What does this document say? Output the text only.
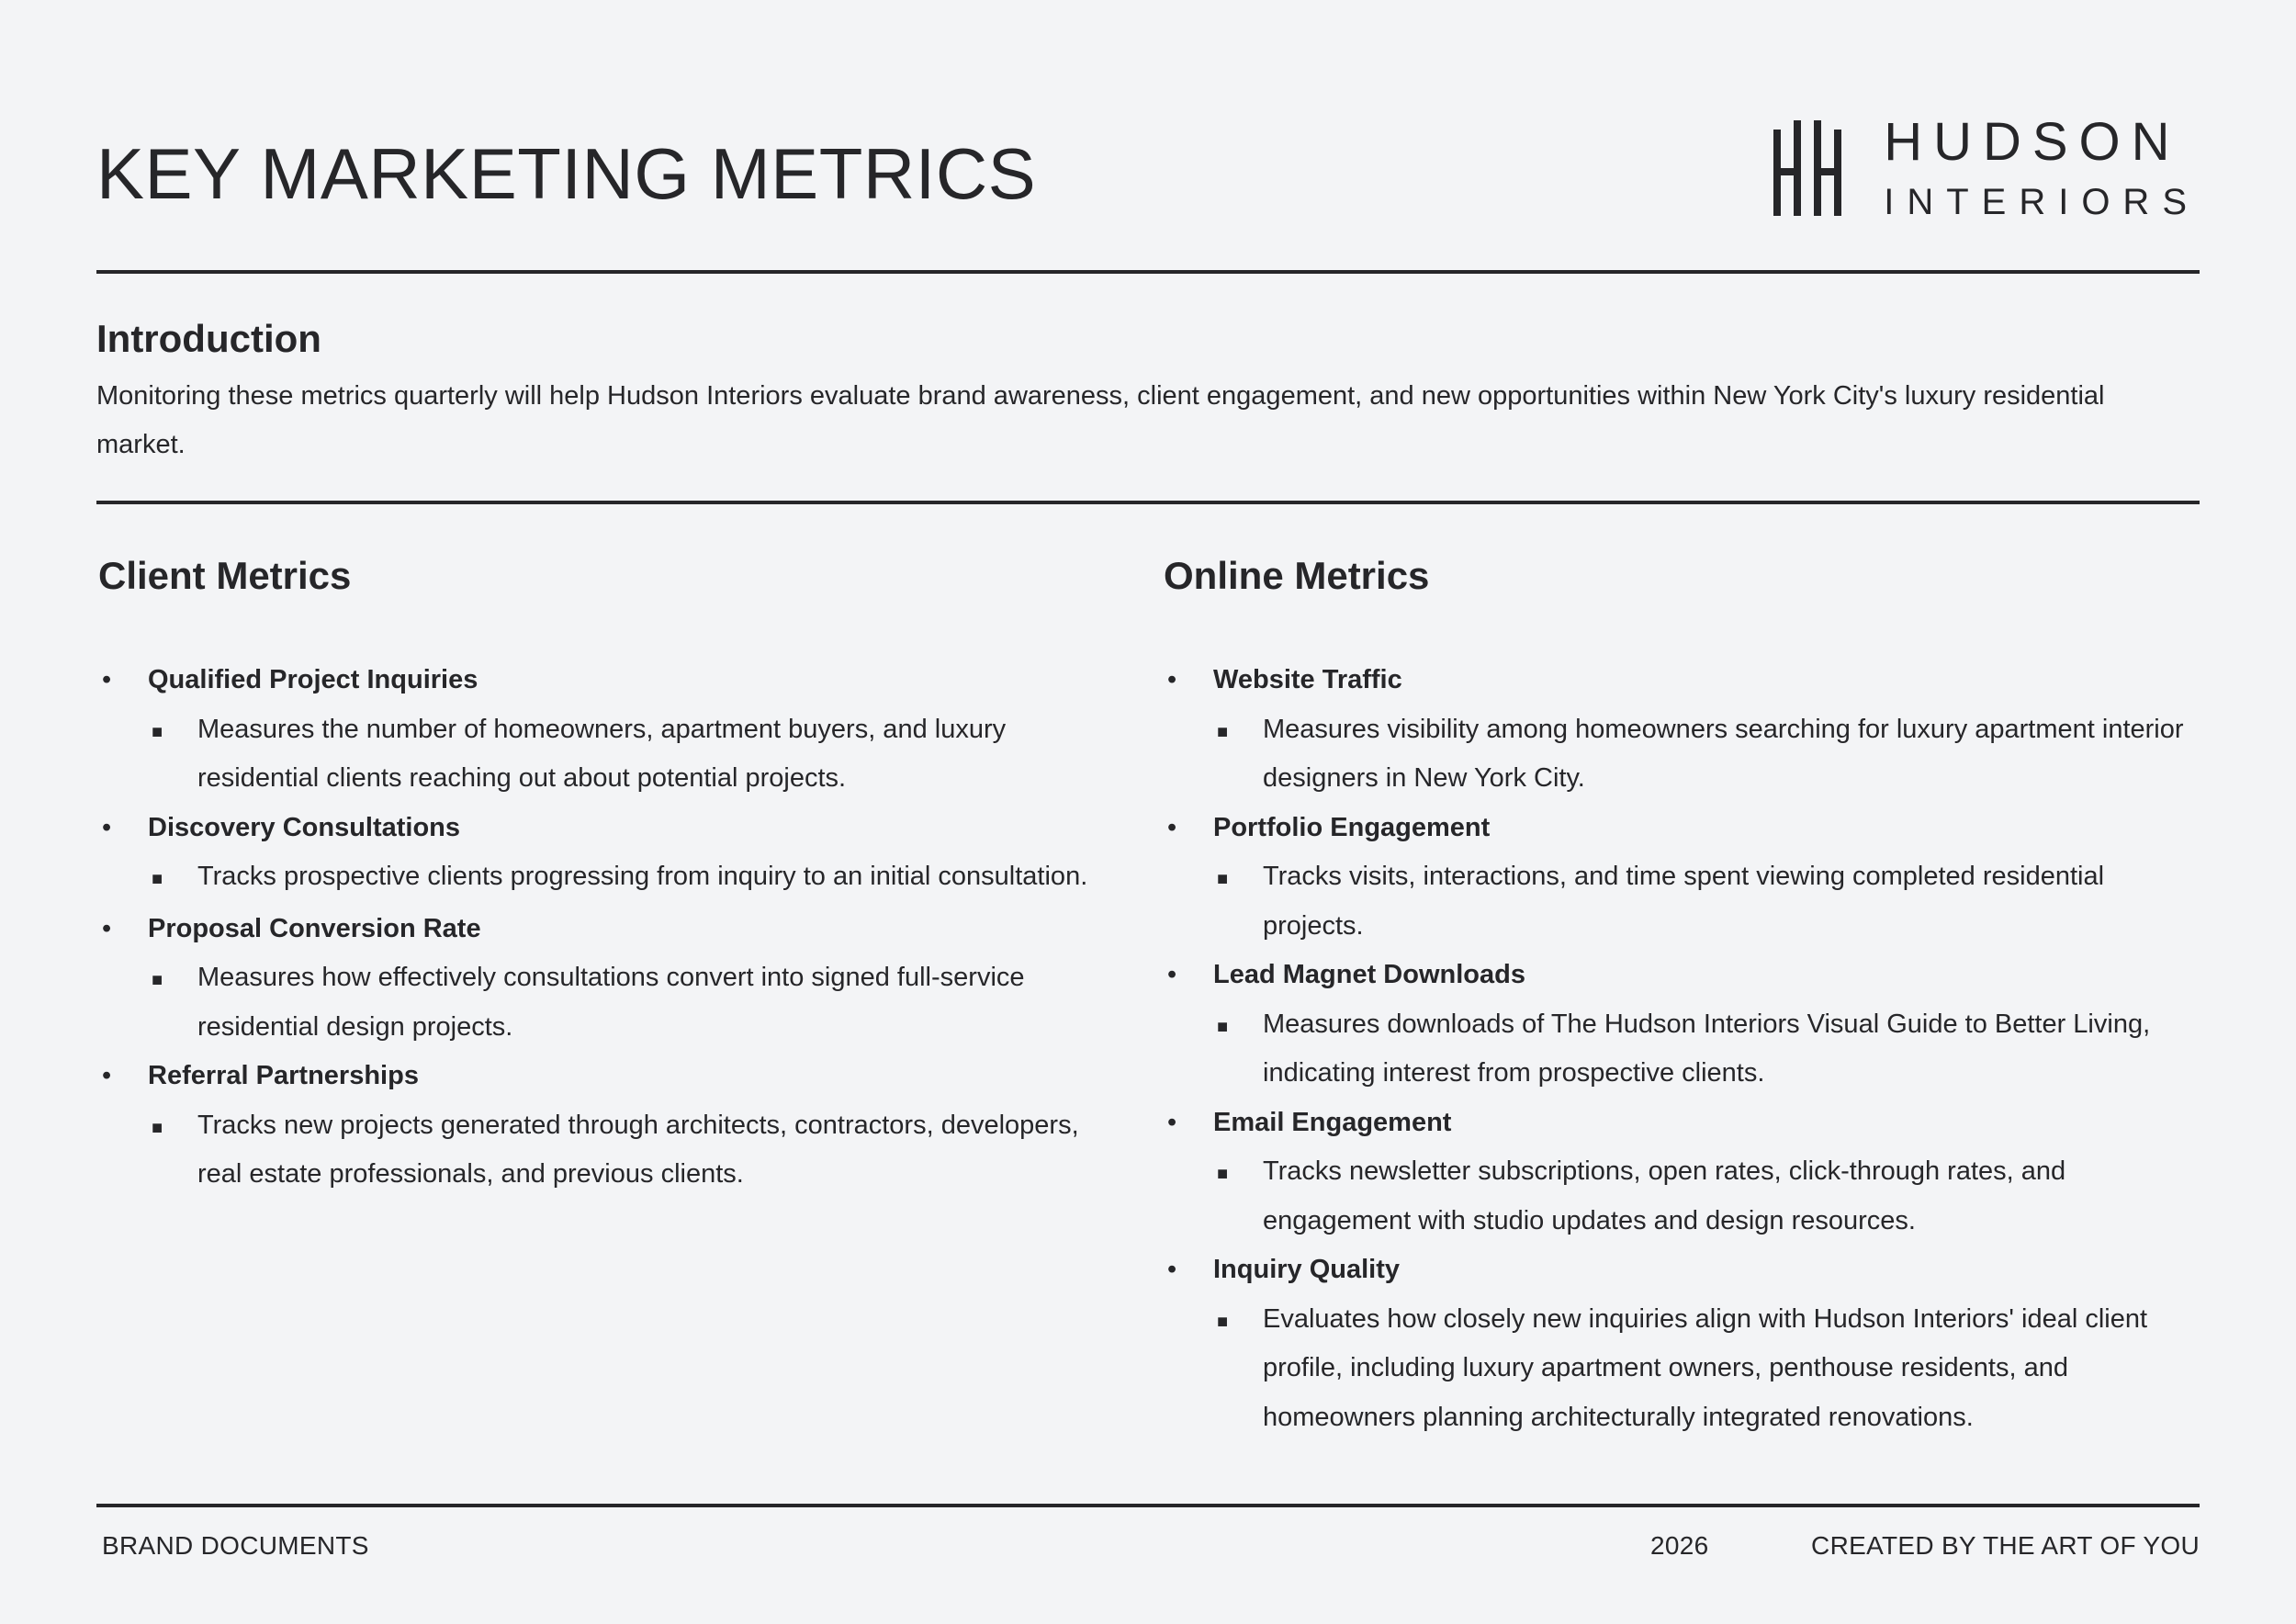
KEY MARKETING METRICS	HUDSON
INTERIORS
Introduction

Monitoring these metrics quarterly will help Hudson Interiors evaluate brand awareness, client engagement, and new opportunities within New York City's luxury residential market.

Client Metrics
•	Qualified Project Inquiries
■	Measures the number of homeowners, apartment buyers, and luxury residential clients reaching out about potential projects.
•	Discovery Consultations
■	Tracks prospective clients progressing from inquiry to an initial consultation.
•	Proposal Conversion Rate
■	Measures how effectively consultations convert into signed full-service residential design projects.
•	Referral Partnerships
■	Tracks new projects generated through architects, contractors, developers, real estate professionals, and previous clients.
Online Metrics
•	Website Traffic
■	Measures visibility among homeowners searching for luxury apartment interior designers in New York City.
•	Portfolio Engagement
■	Tracks visits, interactions, and time spent viewing completed residential projects.
•	Lead Magnet Downloads
■	Measures downloads of The Hudson Interiors Visual Guide to Better Living, indicating interest from prospective clients.
•	Email Engagement
■	Tracks newsletter subscriptions, open rates, click-through rates, and engagement with studio updates and design resources.
•	Inquiry Quality
■	Evaluates how closely new inquiries align with Hudson Interiors' ideal client profile, including luxury apartment owners, penthouse residents, and homeowners planning architecturally integrated renovations.
BRAND DOCUMENTS	2026	CREATED BY THE ART OF YOU
